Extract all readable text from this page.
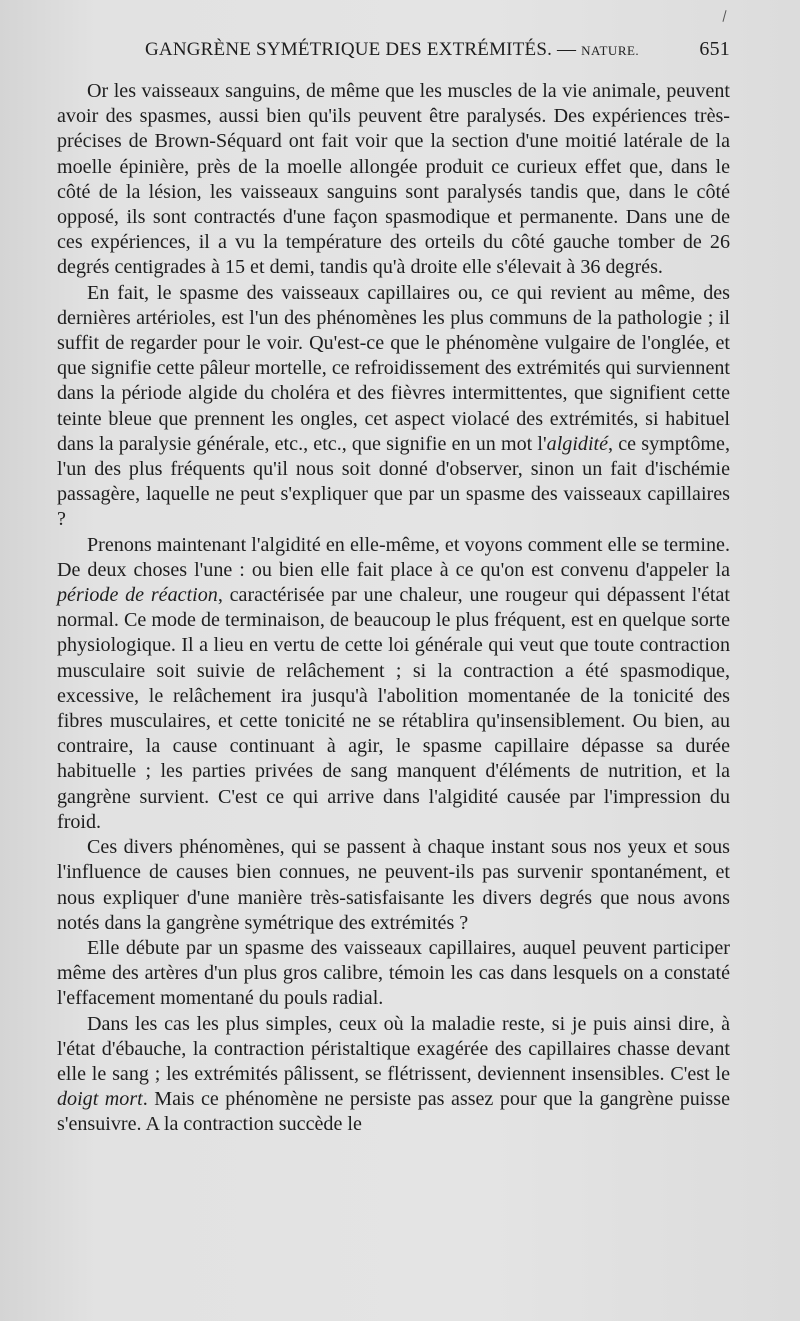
GANGRÈNE SYMÉTRIQUE DES EXTRÉMITÉS. — NATURE.	651

Or les vaisseaux sanguins, de même que les muscles de la vie animale, peuvent avoir des spasmes, aussi bien qu'ils peuvent être paralysés. Des expériences très-précises de Brown-Séquard ont fait voir que la section d'une moitié latérale de la moelle épinière, près de la moelle allongée produit ce curieux effet que, dans le côté de la lésion, les vaisseaux sanguins sont paralysés tandis que, dans le côté opposé, ils sont contractés d'une façon spasmodique et permanente. Dans une de ces expériences, il a vu la température des orteils du côté gauche tomber de 26 degrés centigrades à 15 et demi, tandis qu'à droite elle s'élevait à 36 degrés.

En fait, le spasme des vaisseaux capillaires ou, ce qui revient au même, des dernières artérioles, est l'un des phénomènes les plus communs de la pathologie ; il suffit de regarder pour le voir. Qu'est-ce que le phénomène vulgaire de l'onglée, et que signifie cette pâleur mortelle, ce refroidissement des extrémités qui surviennent dans la période algide du choléra et des fièvres intermittentes, que signifient cette teinte bleue que prennent les ongles, cet aspect violacé des extrémités, si habituel dans la paralysie générale, etc., etc., que signifie en un mot l'algidité, ce symptôme, l'un des plus fréquents qu'il nous soit donné d'observer, sinon un fait d'ischémie passagère, laquelle ne peut s'expliquer que par un spasme des vaisseaux capillaires ?

Prenons maintenant l'algidité en elle-même, et voyons comment elle se termine. De deux choses l'une : ou bien elle fait place à ce qu'on est convenu d'appeler la période de réaction, caractérisée par une chaleur, une rougeur qui dépassent l'état normal. Ce mode de terminaison, de beaucoup le plus fréquent, est en quelque sorte physiologique. Il a lieu en vertu de cette loi générale qui veut que toute contraction musculaire soit suivie de relâchement ; si la contraction a été spasmodique, excessive, le relâchement ira jusqu'à l'abolition momentanée de la tonicité des fibres musculaires, et cette tonicité ne se rétablira qu'insensiblement. Ou bien, au contraire, la cause continuant à agir, le spasme capillaire dépasse sa durée habituelle ; les parties privées de sang manquent d'éléments de nutrition, et la gangrène survient. C'est ce qui arrive dans l'algidité causée par l'impression du froid.

Ces divers phénomènes, qui se passent à chaque instant sous nos yeux et sous l'influence de causes bien connues, ne peuvent-ils pas survenir spontanément, et nous expliquer d'une manière très-satisfaisante les divers degrés que nous avons notés dans la gangrène symétrique des extrémités ?

Elle débute par un spasme des vaisseaux capillaires, auquel peuvent participer même des artères d'un plus gros calibre, témoin les cas dans lesquels on a constaté l'effacement momentané du pouls radial.

Dans les cas les plus simples, ceux où la maladie reste, si je puis ainsi dire, à l'état d'ébauche, la contraction péristaltique exagérée des capillaires chasse devant elle le sang ; les extrémités pâlissent, se flétrissent, deviennent insensibles. C'est le doigt mort. Mais ce phénomène ne persiste pas assez pour que la gangrène puisse s'ensuivre. A la contraction succède le
